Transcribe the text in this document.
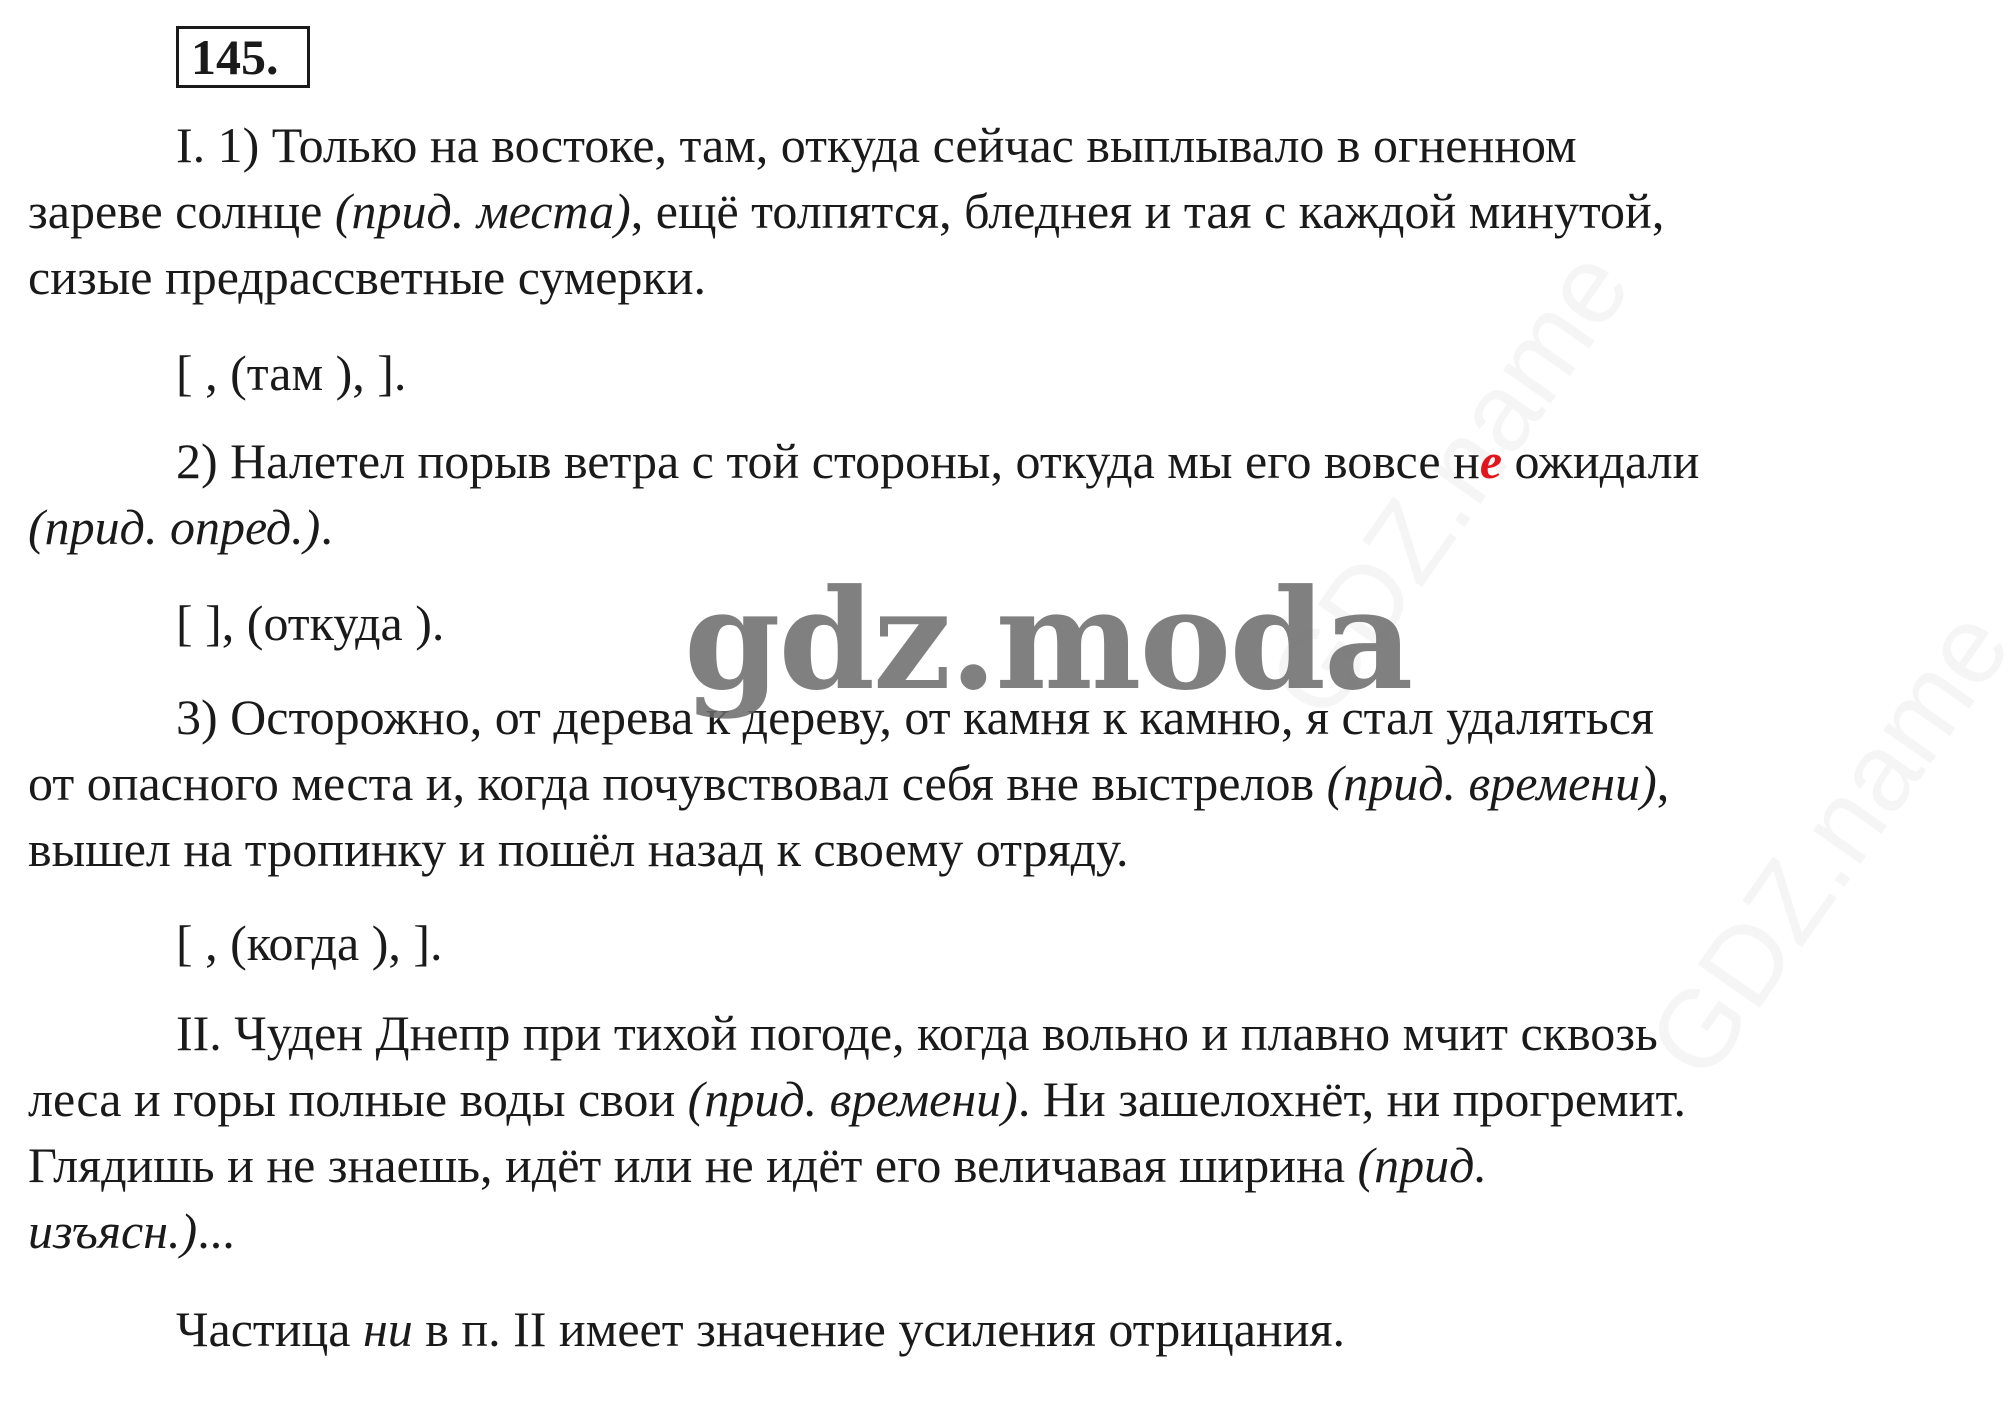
145.
I. 1) Только на востоке, там, откуда сейчас выплывало в огненном
зареве солнце (прид. места), ещё толпятся, бледнея и тая с каждой минутой,
сизые предрассветные сумерки.
[ , (там ), ].
2) Налетел порыв ветра с той стороны, откуда мы его вовсе не ожидали
(прид. опред.).
[ ], (откуда ).
3) Осторожно, от дерева к дереву, от камня к камню, я стал удаляться
от опасного места и, когда почувствовал себя вне выстрелов (прид. времени),
вышел на тропинку и пошёл назад к своему отряду.
[ , (когда ), ].
II. Чуден Днепр при тихой погоде, когда вольно и плавно мчит сквозь
леса и горы полные воды свои (прид. времени). Ни зашелохнёт, ни прогремит.
Глядишь и не знаешь, идёт или не идёт его величавая ширина (прид.
изъясн.)...
Частица ни в п. II имеет значение усиления отрицания.
gdz.moda
